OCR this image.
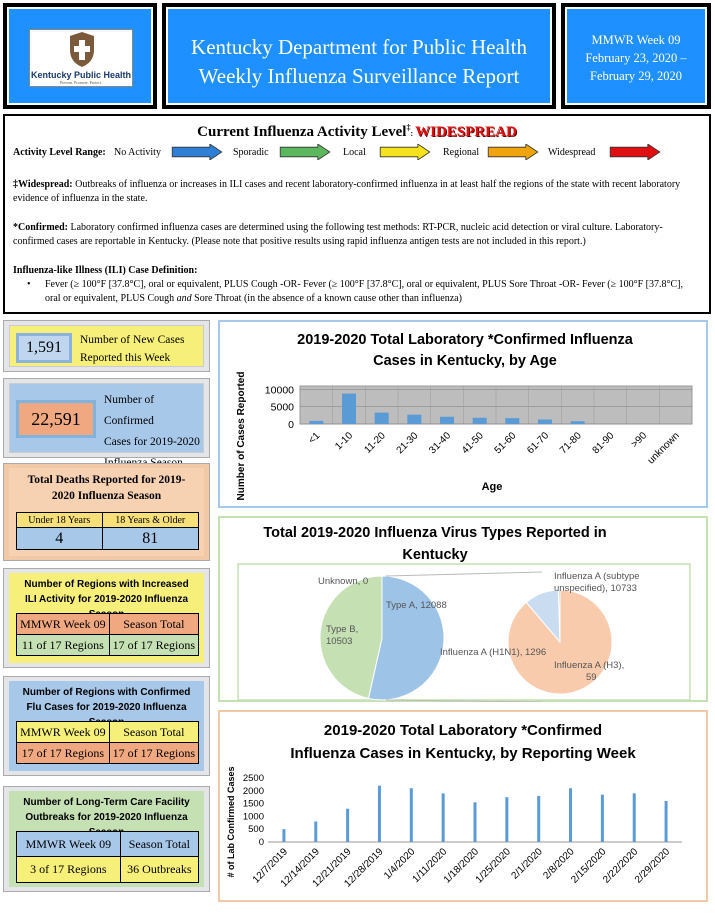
Kentucky Public Health
Prevent. Promote. Protect.
Kentucky Department for Public Health
Weekly Influenza Surveillance Report
MMWR Week 09
February 23, 2020 –
February 29, 2020
Current Influenza Activity Level‡: WIDESPREAD
Activity Level Range: No Activity	Sporadic	Local	Regional	Widespread
‡Widespread: Outbreaks of influenza or increases in ILI cases and recent laboratory-confirmed influenza in at least half the regions of the state with recent laboratory evidence of influenza in the state.
*Confirmed: Laboratory confirmed influenza cases are determined using the following test methods: RT-PCR, nucleic acid detection or viral culture. Laboratory-confirmed cases are reportable in Kentucky. (Please note that positive results using rapid influenza antigen tests are not included in this report.)
Influenza-like Illness (ILI) Case Definition:
• Fever (≥ 100°F [37.8°C], oral or equivalent, PLUS Cough -OR- Fever (≥ 100°F [37.8°C], oral or equivalent, PLUS Sore Throat -OR- Fever (≥ 100°F [37.8°C], oral or equivalent, PLUS Cough and Sore Throat (in the absence of a known cause other than influenza)
1,591	Number of New Cases
Reported this Week
22,591
Number of Confirmed
Cases for 2019-2020
Total Deaths Reported for 2019-2020 Influenza Season
Under 18 Years	18 Years & Older
4	81
Number of Regions with Increased ILI Activity for 2019-2020 Influenza
MMWR Week 09	Season Total
11 of 17 Regions	17 of 17 Regions
Number of Regions with Confirmed Flu Cases for 2019-2020 Influenza
MMWR Week 09	Season Total
17 of 17 Regions	17 of 17 Regions
Number of Long-Term Care Facility Outbreaks for 2019-2020 Influenza
MMWR Week 09	Season Total
3 of 17 Regions	36 Outbreaks
2019-2020 Total Laboratory *Confirmed Influenza Cases in Kentucky, by Age
0
5000
10000
<1 1-10 11-20 21-30 31-40 41-50 51-60 61-70 71-80 81-90 >90
unknown
Age
Number of Cases Reported
Total 2019-2020 Influenza Virus Types Reported in Kentucky
Unknown, 0
Type A, 12088
Type B,
10503
Influenza A (subtype
unspecified), 10733
Influenza A (H1N1), 1296
Influenza A (H3),
59
2019-2020 Total Laboratory *Confirmed
Influenza Cases in Kentucky, by Reporting Week
0
500
1000
1500
2000
2500
12/7/2019
12/14/2019
12/21/2019
12/28/2019
1/4/2020
1/11/2020
1/18/2020
1/25/2020
2/1/2020
2/8/2020
2/15/2020
2/22/2020
2/29/2020
# of Lab Confirmed Cases
